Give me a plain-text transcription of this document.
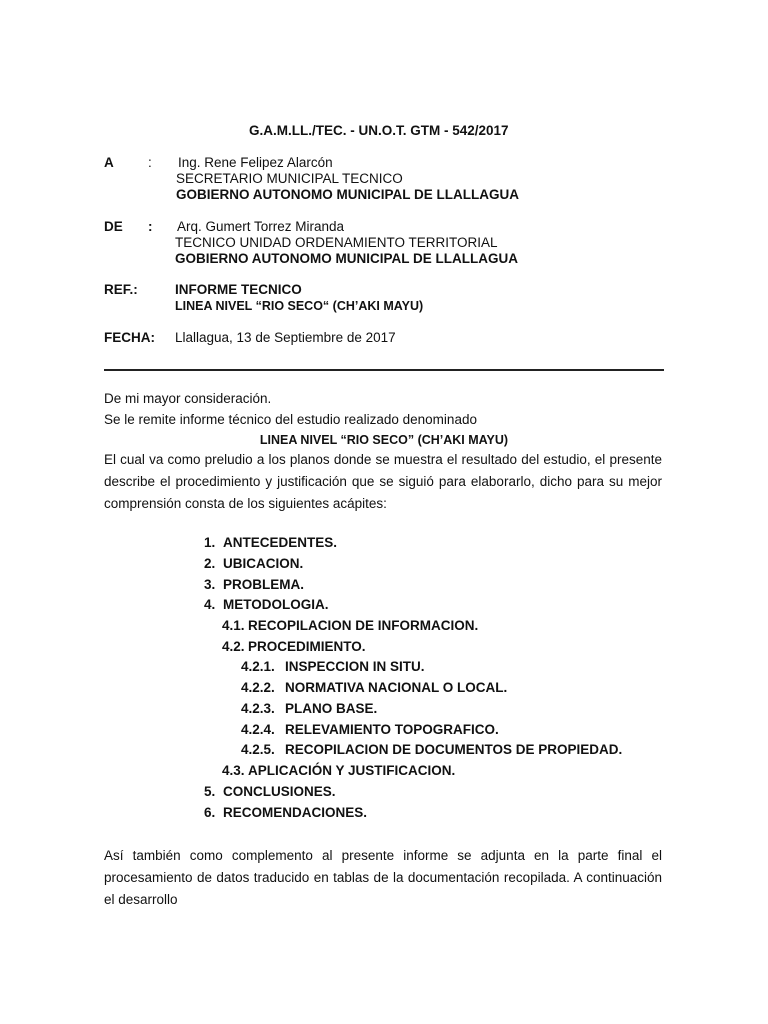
G.A.M.LL./TEC. - UN.O.T. GTM - 542/2017
A	: Ing. Rene Felipez Alarcón
SECRETARIO MUNICIPAL TECNICO
GOBIERNO AUTONOMO MUNICIPAL DE LLALLAGUA
DE : Arq. Gumert Torrez Miranda
TECNICO UNIDAD ORDENAMIENTO TERRITORIAL
GOBIERNO AUTONOMO MUNICIPAL DE LLALLAGUA
REF.:	INFORME TECNICO
LINEA NIVEL “RIO SECO“ (CH’AKI MAYU)
FECHA: Llallagua, 13 de Septiembre de 2017
De mi mayor consideración.
Se le remite informe técnico del estudio realizado denominado
LINEA NIVEL “RIO SECO” (CH’AKI MAYU)
El cual va como preludio a los planos donde se muestra el resultado del estudio, el presente describe el procedimiento y justificación que se siguió para elaborarlo, dicho para su mejor comprensión consta de los siguientes acápites:
1. ANTECEDENTES.
2. UBICACION.
3. PROBLEMA.
4. METODOLOGIA.
4.1. RECOPILACION DE INFORMACION.
4.2. PROCEDIMIENTO.
4.2.1. INSPECCION IN SITU.
4.2.2. NORMATIVA NACIONAL O LOCAL.
4.2.3. PLANO BASE.
4.2.4. RELEVAMIENTO TOPOGRAFICO.
4.2.5. RECOPILACION DE DOCUMENTOS DE PROPIEDAD.
4.3. APLICACIÓN Y JUSTIFICACION.
5. CONCLUSIONES.
6. RECOMENDACIONES.
Así también como complemento al presente informe se adjunta en la parte final el procesamiento de datos traducido en tablas de la documentación recopilada. A continuación el desarrollo
